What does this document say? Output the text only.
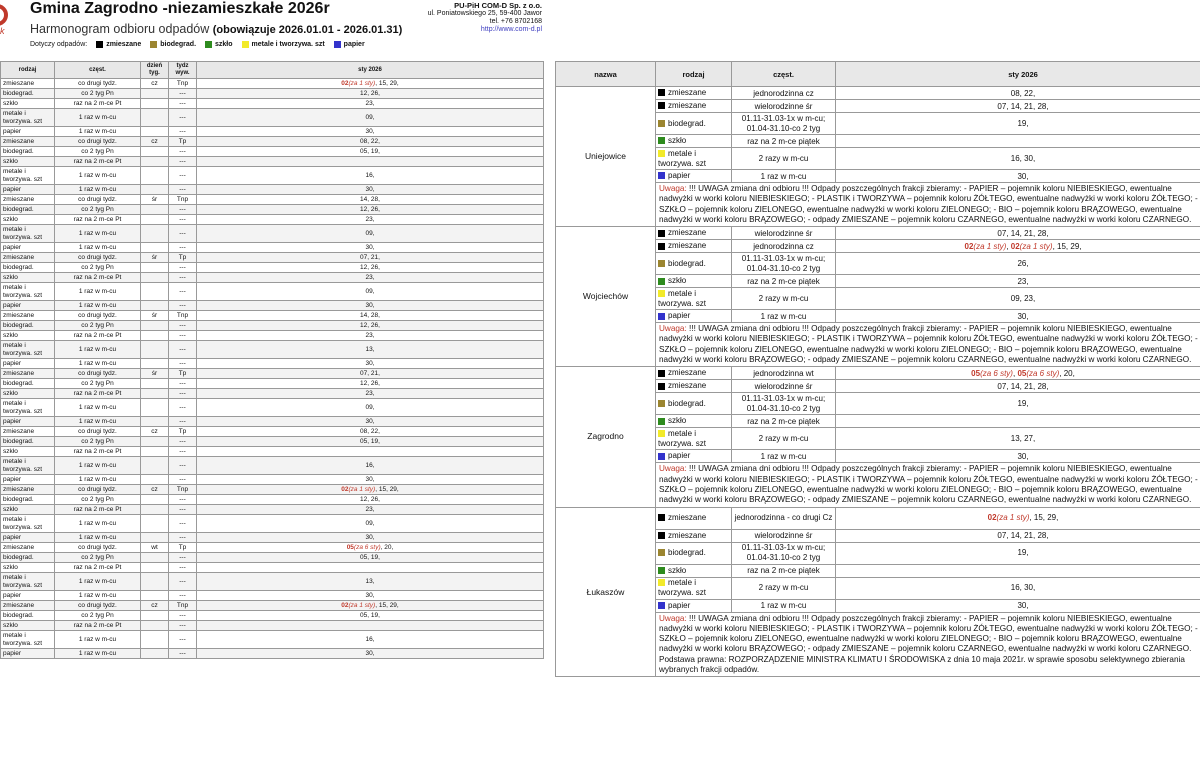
k
Gmina Zagrodno -niezamieszkałe 2026r
Harmonogram odbioru odpadów (obowiązuje 2026.01.01 - 2026.01.31)
PU-PiH COM-D Sp. z o.o.
ul. Poniatowskiego 25, 59-400 Jawor
tel. +76 8702168
http://www.com-d.pl
Dotyczy odpadów:	zmieszane	biodegrad.	szkło	metale i tworzywa. szt	papier
rodzaj	częst.	dzień tyg.	tydz wyw.	sty 2026
zmieszane	co drugi tydz.	cz	Tnp	02(za 1 sty), 15, 29,
biodegrad.	co 2 tyg Pn		---	12, 26,
szkło	raz na 2 m-ce Pt		---	23,
metale i tworzywa. szt	1 raz w m-cu		---	09,
papier	1 raz w m-cu		---	30,
zmieszane	co drugi tydz.	cz	Tp	08, 22,
biodegrad.	co 2 tyg Pn		---	05, 19,
szkło	raz na 2 m-ce Pt		---	
metale i tworzywa. szt	1 raz w m-cu		---	16,
papier	1 raz w m-cu		---	30,
zmieszane	co drugi tydz.	śr	Tnp	14, 28,
biodegrad.	co 2 tyg Pn		---	12, 26,
szkło	raz na 2 m-ce Pt		---	23,
metale i tworzywa. szt	1 raz w m-cu		---	09,
papier	1 raz w m-cu		---	30,
zmieszane	co drugi tydz.	śr	Tp	07, 21,
biodegrad.	co 2 tyg Pn		---	12, 26,
szkło	raz na 2 m-ce Pt		---	23,
metale i tworzywa. szt	1 raz w m-cu		---	09,
papier	1 raz w m-cu		---	30,
zmieszane	co drugi tydz.	śr	Tnp	14, 28,
biodegrad.	co 2 tyg Pn		---	12, 26,
szkło	raz na 2 m-ce Pt		---	23,
metale i tworzywa. szt	1 raz w m-cu		---	13,
papier	1 raz w m-cu		---	30,
zmieszane	co drugi tydz.	śr	Tp	07, 21,
biodegrad.	co 2 tyg Pn		---	12, 26,
szkło	raz na 2 m-ce Pt		---	23,
metale i tworzywa. szt	1 raz w m-cu		---	09,
papier	1 raz w m-cu		---	30,
zmieszane	co drugi tydz.	cz	Tp	08, 22,
biodegrad.	co 2 tyg Pn		---	05, 19,
szkło	raz na 2 m-ce Pt		---	
metale i tworzywa. szt	1 raz w m-cu		---	16,
papier	1 raz w m-cu		---	30,
zmieszane	co drugi tydz.	cz	Tnp	02(za 1 sty), 15, 29,
biodegrad.	co 2 tyg Pn		---	12, 26,
szkło	raz na 2 m-ce Pt		---	23,
metale i tworzywa. szt	1 raz w m-cu		---	09,
papier	1 raz w m-cu		---	30,
zmieszane	co drugi tydz.	wt	Tp	05(za 6 sty), 20,
biodegrad.	co 2 tyg Pn		---	05, 19,
szkło	raz na 2 m-ce Pt		---	
metale i tworzywa. szt	1 raz w m-cu		---	13,
papier	1 raz w m-cu		---	30,
zmieszane	co drugi tydz.	cz	Tnp	02(za 1 sty), 15, 29,
biodegrad.	co 2 tyg Pn		---	05, 19,
szkło	raz na 2 m-ce Pt		---	
metale i tworzywa. szt	1 raz w m-cu		---	16,
papier	1 raz w m-cu		---	30,
nazwa	rodzaj	częst.	sty 2026
Uniejowice	zmieszane	jednorodzinna cz	08, 22,
	zmieszane	wielorodzinne śr	07, 14, 21, 28,
	biodegrad.	01.11-31.03-1x w m-cu; 01.04-31.10-co 2 tyg	19,
	szkło	raz na 2 m-ce piątek	
	metale i tworzywa. szt	2 razy w m-cu	16, 30,
	papier	1 raz w m-cu	30,
	Uwaga: !!! UWAGA zmiana dni odbioru !!! Odpady poszczególnych frakcji zbieramy: - PAPIER – pojemnik koloru NIEBIESKIEGO, ewentualne nadwyżki w worki koloru NIEBIESKIEGO; - PLASTIK i TWORZYWA – pojemnik koloru ŻÓŁTEGO, ewentualne nadwyżki w worki koloru ŻÓŁTEGO; - SZKŁO – pojemnik koloru ZIELONEGO, ewentualne nadwyżki w worki koloru ZIELONEGO; - BIO – pojemnik koloru BRĄZOWEGO, ewentualne nadwyżki w worki koloru BRĄZOWEGO; - odpady ZMIESZANE – pojemnik koloru CZARNEGO, ewentualne nadwyżki w worki koloru CZARNEGO.		
Wojciechów	zmieszane	wielorodzinne śr	07, 14, 21, 28,
	zmieszane	jednorodzinna cz	02(za 1 sty), 02(za 1 sty), 15, 29,
	biodegrad.	01.11-31.03-1x w m-cu; 01.04-31.10-co 2 tyg	26,
	szkło	raz na 2 m-ce piątek	23,
	metale i tworzywa. szt	2 razy w m-cu	09, 23,
	papier	1 raz w m-cu	30,
	Uwaga: !!! UWAGA zmiana dni odbioru !!! Odpady poszczególnych frakcji zbieramy: - PAPIER – pojemnik koloru NIEBIESKIEGO, ewentualne nadwyżki w worki koloru NIEBIESKIEGO; - PLASTIK i TWORZYWA – pojemnik koloru ŻÓŁTEGO, ewentualne nadwyżki w worki koloru ŻÓŁTEGO; - SZKŁO – pojemnik koloru ZIELONEGO, ewentualne nadwyżki w worki koloru ZIELONEGO; - BIO – pojemnik koloru BRĄZOWEGO, ewentualne nadwyżki w worki koloru BRĄZOWEGO; - odpady ZMIESZANE – pojemnik koloru CZARNEGO, ewentualne nadwyżki w worki koloru CZARNEGO.		
Zagrodno	zmieszane	jednorodzinna wt	05(za 6 sty), 05(za 6 sty), 20,
	zmieszane	wielorodzinne śr	07, 14, 21, 28,
	biodegrad.	01.11-31.03-1x w m-cu; 01.04-31.10-co 2 tyg	19,
	szkło	raz na 2 m-ce piątek	
	metale i tworzywa. szt	2 razy w m-cu	13, 27,
	papier	1 raz w m-cu	30,
	Uwaga: !!! UWAGA zmiana dni odbioru !!! Odpady poszczególnych frakcji zbieramy: - PAPIER – pojemnik koloru NIEBIESKIEGO, ewentualne nadwyżki w worki koloru NIEBIESKIEGO; - PLASTIK i TWORZYWA – pojemnik koloru ŻÓŁTEGO, ewentualne nadwyżki w worki koloru ŻÓŁTEGO; - SZKŁO – pojemnik koloru ZIELONEGO, ewentualne nadwyżki w worki koloru ZIELONEGO; - BIO – pojemnik koloru BRĄZOWEGO, ewentualne nadwyżki w worki koloru BRĄZOWEGO; - odpady ZMIESZANE – pojemnik koloru CZARNEGO, ewentualne nadwyżki w worki koloru CZARNEGO.		
Łukaszów	zmieszane	jednorodzinna - co drugi Cz	02(za 1 sty), 15, 29,
	zmieszane	wielorodzinne śr	07, 14, 21, 28,
	biodegrad.	01.11-31.03-1x w m-cu; 01.04-31.10-co 2 tyg	19,
	szkło	raz na 2 m-ce piątek	
	metale i tworzywa. szt	2 razy w m-cu	16, 30,
	papier	1 raz w m-cu	30,
	Uwaga: !!! UWAGA zmiana dni odbioru !!! Odpady poszczególnych frakcji zbieramy: - PAPIER – pojemnik koloru NIEBIESKIEGO, ewentualne nadwyżki w worki koloru NIEBIESKIEGO; - PLASTIK i TWORZYWA – pojemnik koloru ŻÓŁTEGO, ewentualne nadwyżki w worki koloru ŻÓŁTEGO; - SZKŁO – pojemnik koloru ZIELONEGO, ewentualne nadwyżki w worki koloru ZIELONEGO; - BIO – pojemnik koloru BRĄZOWEGO, ewentualne nadwyżki w worki koloru BRĄZOWEGO; - odpady ZMIESZANE – pojemnik koloru CZARNEGO, ewentualne nadwyżki w worki koloru CZARNEGO. Podstawa prawna: ROZPORZĄDZENIE MINISTRA KLIMATU I ŚRODOWISKA z dnia 10 maja 2021r. w sprawie sposobu selektywnego zbierania wybranych frakcji odpadów.		
